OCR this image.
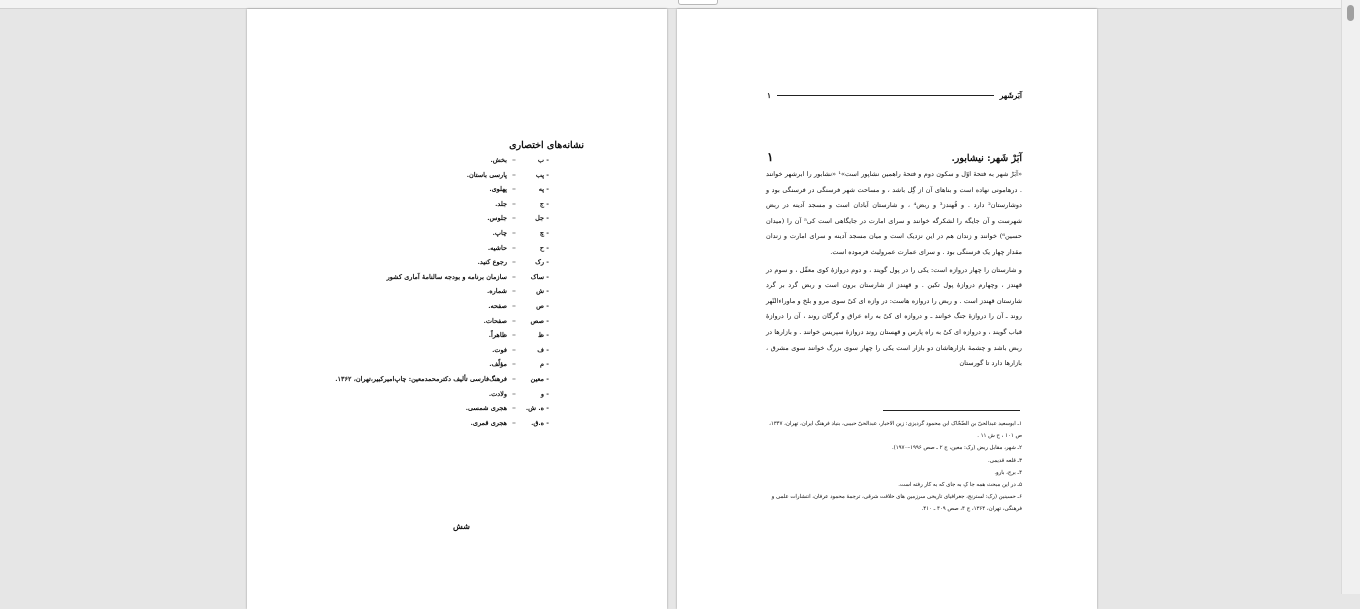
نشانه‌های اختصاری
- ب
=
بخش.
- پب
=
پارسی باستان.
- په
=
پهلوی.
- ج
=
جلد.
- جل
=
جلوس.
- چ
=
چاپ.
- ح
=
حاشیه.
- رک
=
رجوع کنید.
- ساک
=
سازمان برنامه و بودجه سالنامهٔ آماری کشور
- ش
=
شماره.
- ص
=
صفحه.
- صص
=
صفحات.
- ظ
=
ظاهراً.
- ف
=
فوت.
- م
=
مؤلّف.
- معین
=
فرهنگ‌فارسی تألیف دکترمحمدمعین: چاپ‌امیرکبیر،تهران، ۱۳۶۲.
- و
=
ولادت.
- ه. ش.
=
هجری شمسی.
- ه.ق.
=
هجری قمری.
شش
آبَرشَهر
۱
آبَرْ شَهر: نیشابور.
۱

«آبَرْ شهر به فتحهٔ اوّل و سکون دوم و فتحهٔ راهمین نشاپور است»¹ «نشابور را ابرشهر خوانند . درهامونی نهاده است و بناهای آن از گِل باشد ، و مساحت شهر فرسنگی در فرسنگی بود و دوشارستان² دارد . و قُهندز³ و ربض⁴ ، و شارستان آبادان است و مسجد آدینه در ربض شهرست و آن جایگه را لشکرگه خوانند و سرای امارت در جایگاهی است کی⁵ آن را (میدان حسین⁶) خوانند و زندان هم در این نزدیک است و میان مسجد آدینه و سرای امارت و زندان مقدار چهار یک فرسنگی بود . و سرای عمارت عمرولیث فرموده است.

و شارستان را چهار دروازه است: یکی را در پول گویند ، و دوم دروازهٔ کوی معقّل ، و سوم در قهندز ، وچهارم دروازهٔ پول تکین . و قهندز از شارستان برون است و ربض گرد بر گرد شارستان قهندز است . و ربض را دروازه هاست: در وازه ای کیْ سوی مرو و بلخ و ماوراءالنّهر روند ـ آن را دروازهٔ جنگ خوانند ـ و دروازه ای کیْ به راه عراق و گرگان روند ، آن را دروازهٔ قباب گویند ، و دروازه ای کیْ به راه پارس و قهستان روند دروازهٔ سپریس خوانند . و بازارها در ربض باشد و چشمهٔ بازارهاشان دو بازار است یکی را چهار سوی بزرگ خوانند سوی مشرق ، بازارها دارد تا گورستان

۱ـ ابوسعید عبدالحیّ بن الضّحّاک ابن محمود گردیزی: زین الاخبار، عبدالحیّ حبیبی، بنیاد فرهنگ ایران، تهران، ۱۳۴۷، ص ۱۰۱ ، ح ش ۱۱ .
۲ـ شهر، مقابل ربض (رک: معین، ج ۲ ـ صص ۱۹۹۶–۱۹۷۰).
۳ـ قلعه قدیمی.
۴ـ برج، بارو.
۵ـ در این مبحث همه جا کِ به جای که به کار رفته است.
۶ـ حسینین (رک: لسترنج، جغرافیای تاریخی سرزمین های خلافت شرقی، ترجمهٔ محمود عرفان، انتشارات علمی و فرهنگی، تهران، ۱۳۶۴، ج ۴، صص ۴۰۹ ـ ۴۱۰.
